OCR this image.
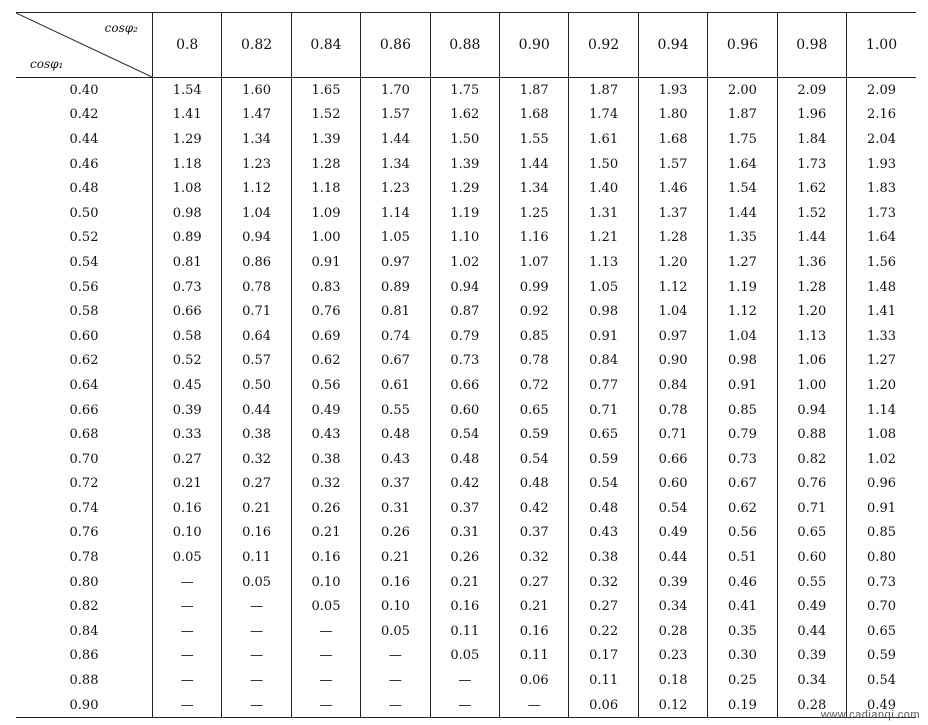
cosφ₂
cosφ₁	0.8	0.82	0.84	0.86	0.88	0.90	0.92	0.94	0.96	0.98	1.00
0.40	1.54	1.60	1.65	1.70	1.75	1.87	1.87	1.93	2.00	2.09	2.09
0.42	1.41	1.47	1.52	1.57	1.62	1.68	1.74	1.80	1.87	1.96	2.16
0.44	1.29	1.34	1.39	1.44	1.50	1.55	1.61	1.68	1.75	1.84	2.04
0.46	1.18	1.23	1.28	1.34	1.39	1.44	1.50	1.57	1.64	1.73	1.93
0.48	1.08	1.12	1.18	1.23	1.29	1.34	1.40	1.46	1.54	1.62	1.83
0.50	0.98	1.04	1.09	1.14	1.19	1.25	1.31	1.37	1.44	1.52	1.73
0.52	0.89	0.94	1.00	1.05	1.10	1.16	1.21	1.28	1.35	1.44	1.64
0.54	0.81	0.86	0.91	0.97	1.02	1.07	1.13	1.20	1.27	1.36	1.56
0.56	0.73	0.78	0.83	0.89	0.94	0.99	1.05	1.12	1.19	1.28	1.48
0.58	0.66	0.71	0.76	0.81	0.87	0.92	0.98	1.04	1.12	1.20	1.41
0.60	0.58	0.64	0.69	0.74	0.79	0.85	0.91	0.97	1.04	1.13	1.33
0.62	0.52	0.57	0.62	0.67	0.73	0.78	0.84	0.90	0.98	1.06	1.27
0.64	0.45	0.50	0.56	0.61	0.66	0.72	0.77	0.84	0.91	1.00	1.20
0.66	0.39	0.44	0.49	0.55	0.60	0.65	0.71	0.78	0.85	0.94	1.14
0.68	0.33	0.38	0.43	0.48	0.54	0.59	0.65	0.71	0.79	0.88	1.08
0.70	0.27	0.32	0.38	0.43	0.48	0.54	0.59	0.66	0.73	0.82	1.02
0.72	0.21	0.27	0.32	0.37	0.42	0.48	0.54	0.60	0.67	0.76	0.96
0.74	0.16	0.21	0.26	0.31	0.37	0.42	0.48	0.54	0.62	0.71	0.91
0.76	0.10	0.16	0.21	0.26	0.31	0.37	0.43	0.49	0.56	0.65	0.85
0.78	0.05	0.11	0.16	0.21	0.26	0.32	0.38	0.44	0.51	0.60	0.80
0.80	—	0.05	0.10	0.16	0.21	0.27	0.32	0.39	0.46	0.55	0.73
0.82	—	—	0.05	0.10	0.16	0.21	0.27	0.34	0.41	0.49	0.70
0.84	—	—	—	0.05	0.11	0.16	0.22	0.28	0.35	0.44	0.65
0.86	—	—	—	—	0.05	0.11	0.17	0.23	0.30	0.39	0.59
0.88	—	—	—	—	—	0.06	0.11	0.18	0.25	0.34	0.54
0.90	—	—	—	—	—	—	0.06	0.12	0.19	0.28	0.49
www.cadianqi.com
